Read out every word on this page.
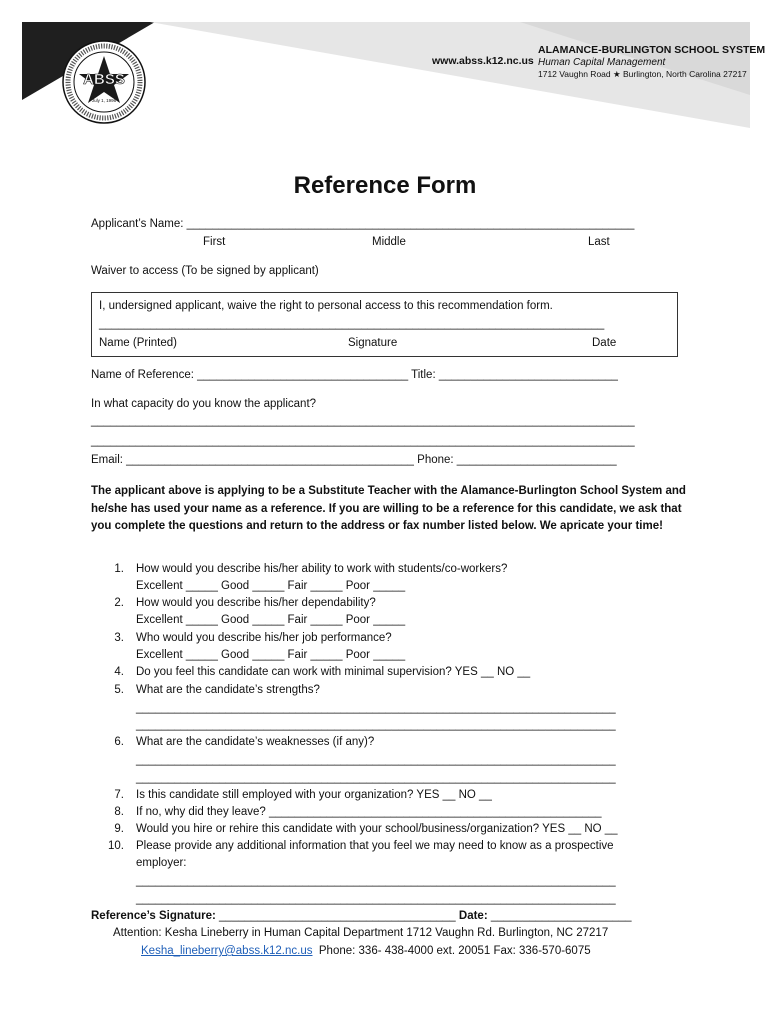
ABSS
July 1, 1996
www.abss.k12.nc.us
ALAMANCE-BURLINGTON SCHOOL SYSTEM
Human Capital Management
1712 Vaughn Road ★ Burlington, North Carolina 27217
Reference Form
Applicant’s Name: ______________________________________________________________________
First	Middle	Last
Waiver to access (To be signed by applicant)
I, undersigned applicant, waive the right to personal access to this recommendation form.
_______________________________________________________________________________
Name (Printed)	Signature	Date
Name of Reference: _________________________________ Title: ____________________________
In what capacity do you know the applicant?
_____________________________________________________________________________________
_____________________________________________________________________________________
Email: _____________________________________________ Phone: _________________________
The applicant above is applying to be a Substitute Teacher with the Alamance-Burlington School System and he/she has used your name as a reference. If you are willing to be a reference for this candidate, we ask that you complete the questions and return to the address or fax number listed below. We apricate your time!
1. How would you describe his/her ability to work with students/co-workers?
Excellent _____ Good _____ Fair _____ Poor _____
2. How would you describe his/her dependability?
Excellent _____ Good _____ Fair _____ Poor _____
3. Who would you describe his/her job performance?
Excellent _____ Good _____ Fair _____ Poor _____
4. Do you feel this candidate can work with minimal supervision? YES __ NO __
5. What are the candidate’s strengths?
___________________________________________________________________________
___________________________________________________________________________
6. What are the candidate’s weaknesses (if any)?
___________________________________________________________________________
___________________________________________________________________________
7. Is this candidate still employed with your organization? YES __ NO __
8. If no, why did they leave? ____________________________________________________
9. Would you hire or rehire this candidate with your school/business/organization? YES __ NO __
10. Please provide any additional information that you feel we may need to know as a prospective
employer:
___________________________________________________________________________
___________________________________________________________________________
Reference’s Signature: _____________________________________ Date: ______________________
Attention: Kesha Lineberry in Human Capital Department 1712 Vaughn Rd. Burlington, NC 27217
Kesha_lineberry@abss.k12.nc.us Phone: 336- 438-4000 ext. 20051 Fax: 336-570-6075
